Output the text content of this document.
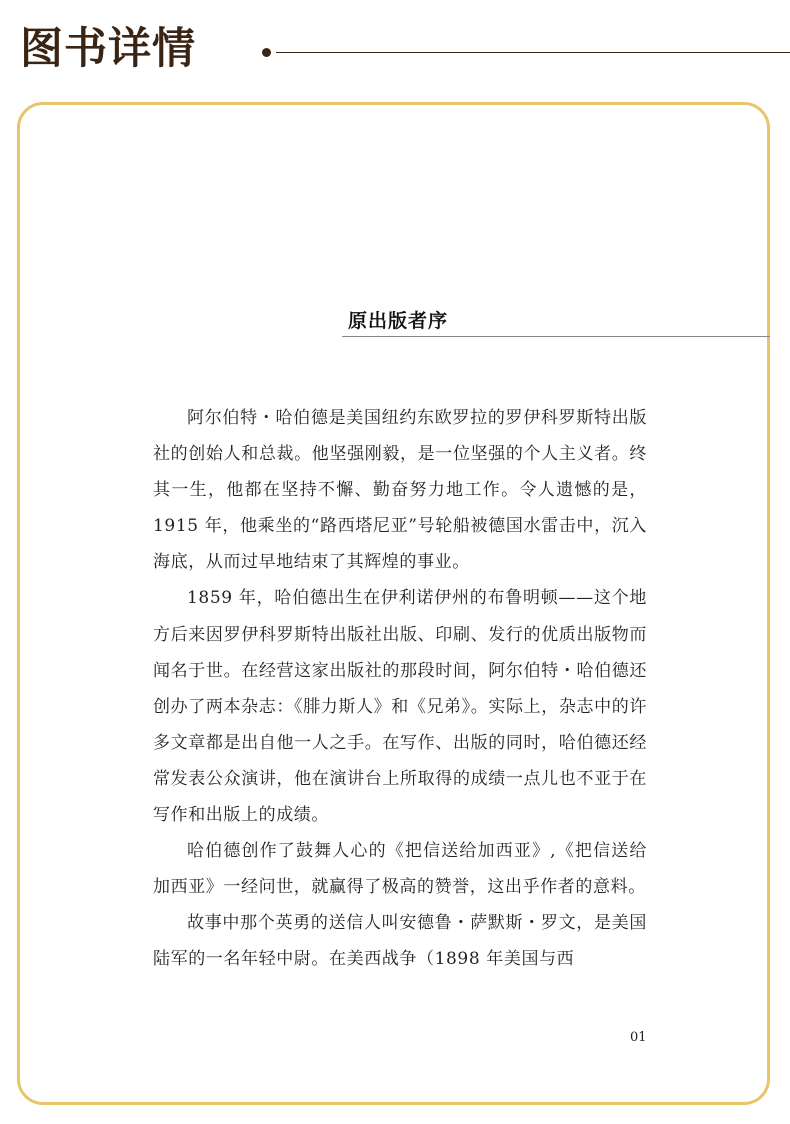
图书详情
原出版者序

阿尔伯特・哈伯德是美国纽约东欧罗拉的罗伊科罗斯特出版社的创始人和总裁。他坚强刚毅，是一位坚强的个人主义者。终其一生，他都在坚持不懈、勤奋努力地工作。令人遗憾的是，1915 年，他乘坐的“路西塔尼亚”号轮船被德国水雷击中，沉入海底，从而过早地结束了其辉煌的事业。

1859 年，哈伯德出生在伊利诺伊州的布鲁明顿——这个地方后来因罗伊科罗斯特出版社出版、印刷、发行的优质出版物而闻名于世。在经营这家出版社的那段时间，阿尔伯特・哈伯德还创办了两本杂志：《腓力斯人》和《兄弟》。实际上，杂志中的许多文章都是出自他一人之手。在写作、出版的同时，哈伯德还经常发表公众演讲，他在演讲台上所取得的成绩一点儿也不亚于在写作和出版上的成绩。

哈伯德创作了鼓舞人心的《把信送给加西亚》,《把信送给加西亚》一经问世，就赢得了极高的赞誉，这出乎作者的意料。

故事中那个英勇的送信人叫安德鲁・萨默斯・罗文，是美国陆军的一名年轻中尉。在美西战争（1898 年美国与西

01
